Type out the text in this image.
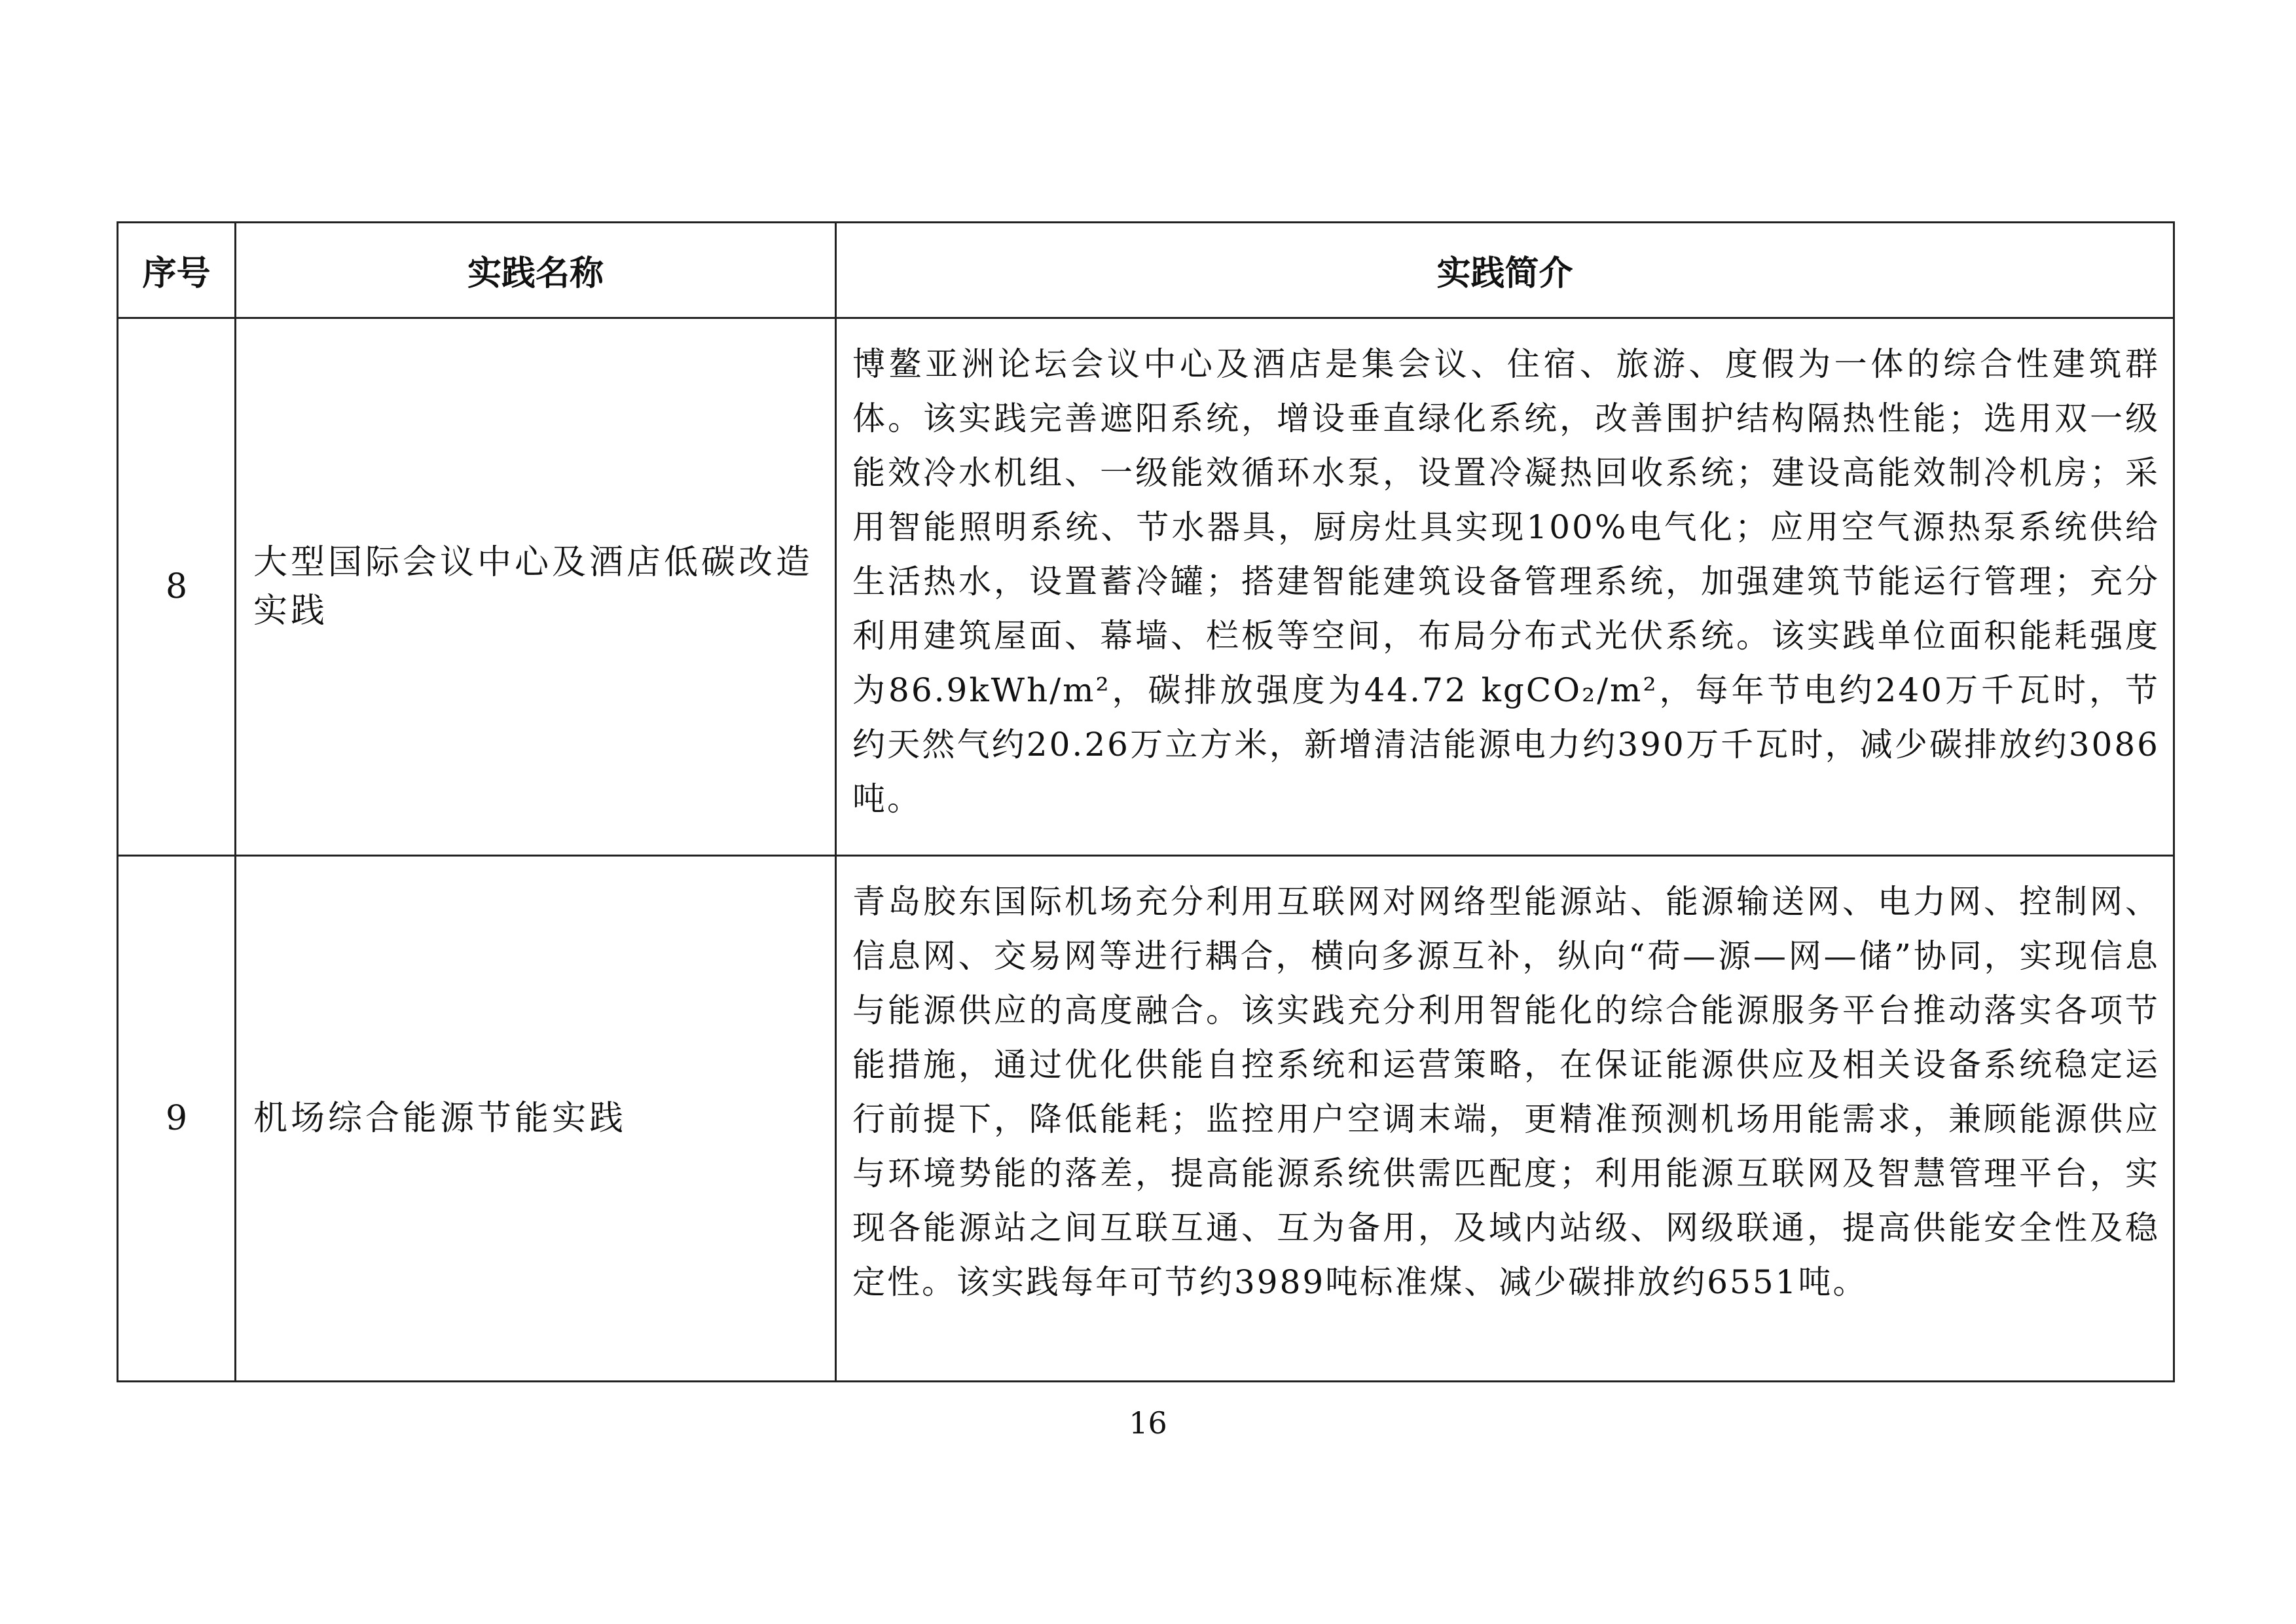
序号	实践名称	实践简介
8	大型国际会议中心及酒店低碳改造实践	博鳌亚洲论坛会议中心及酒店是集会议、住宿、旅游、度假为一体的综合性建筑群体。该实践完善遮阳系统，增设垂直绿化系统，改善围护结构隔热性能；选用双一级能效冷水机组、一级能效循环水泵，设置冷凝热回收系统；建设高能效制冷机房；采用智能照明系统、节水器具，厨房灶具实现100%电气化；应用空气源热泵系统供给生活热水，设置蓄冷罐；搭建智能建筑设备管理系统，加强建筑节能运行管理；充分利用建筑屋面、幕墙、栏板等空间，布局分布式光伏系统。该实践单位面积能耗强度为86.9kWh/m²，碳排放强度为44.72 kgCO₂/m²，每年节电约240万千瓦时，节约天然气约20.26万立方米，新增清洁能源电力约390万千瓦时，减少碳排放约3086吨。
9	机场综合能源节能实践	青岛胶东国际机场充分利用互联网对网络型能源站、能源输送网、电力网、控制网、信息网、交易网等进行耦合，横向多源互补，纵向“荷—源—网—储”协同，实现信息与能源供应的高度融合。该实践充分利用智能化的综合能源服务平台推动落实各项节能措施，通过优化供能自控系统和运营策略，在保证能源供应及相关设备系统稳定运行前提下，降低能耗；监控用户空调末端，更精准预测机场用能需求，兼顾能源供应与环境势能的落差，提高能源系统供需匹配度；利用能源互联网及智慧管理平台，实现各能源站之间互联互通、互为备用，及域内站级、网级联通，提高供能安全性及稳定性。该实践每年可节约3989吨标准煤、减少碳排放约6551吨。
16
